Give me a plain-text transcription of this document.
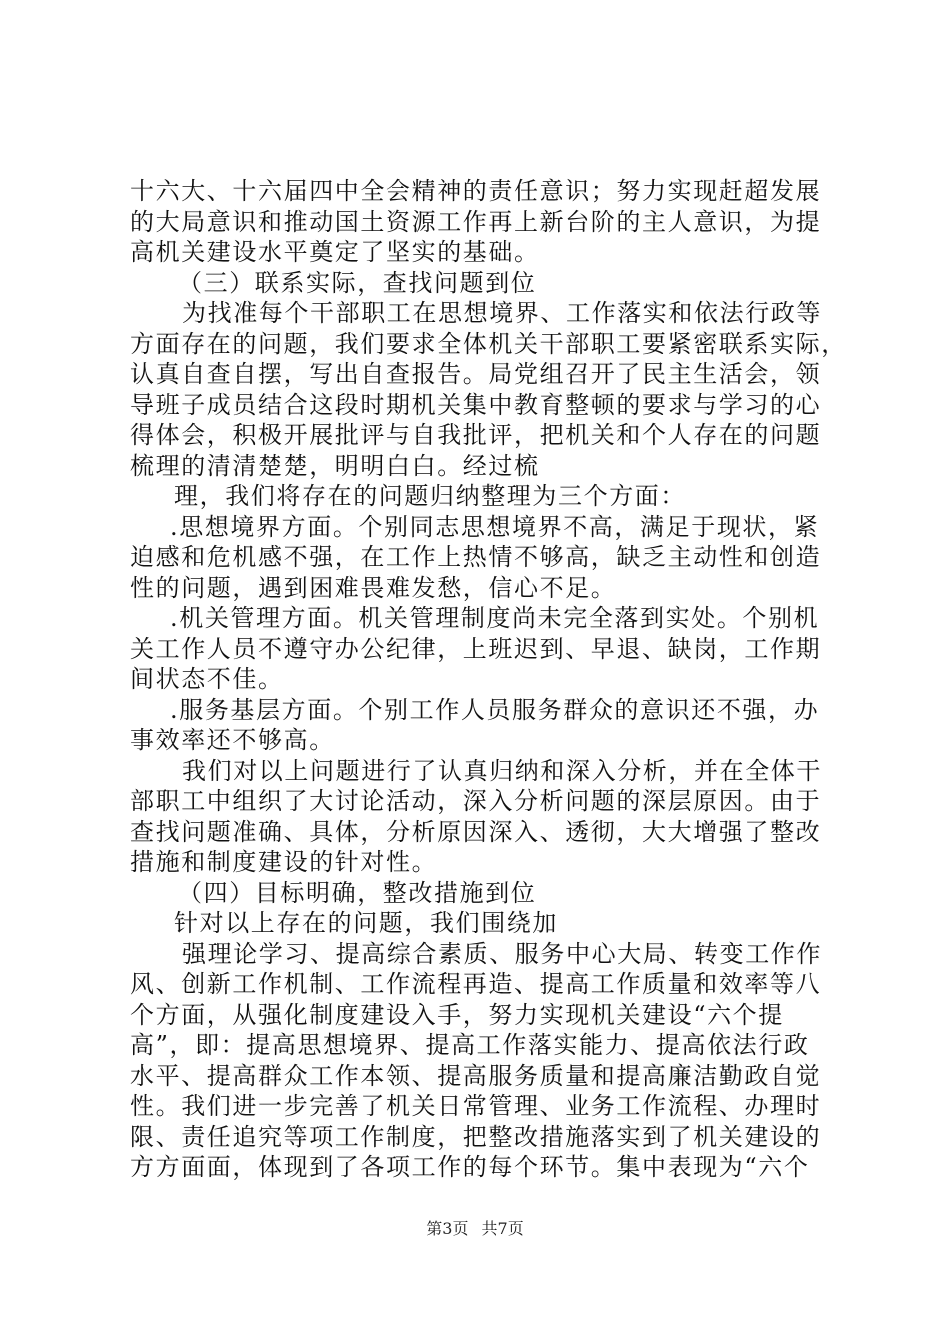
十六大、十六届四中全会精神的责任意识；努力实现赶超发展
的大局意识和推动国土资源工作再上新台阶的主人意识，为提
高机关建设水平奠定了坚实的基础。
（三）联系实际，查找问题到位
为找准每个干部职工在思想境界、工作落实和依法行政等
方面存在的问题，我们要求全体机关干部职工要紧密联系实际，
认真自查自摆，写出自查报告。局党组召开了民主生活会，领
导班子成员结合这段时期机关集中教育整顿的要求与学习的心
得体会，积极开展批评与自我批评，把机关和个人存在的问题
梳理的清清楚楚，明明白白。经过梳
理，我们将存在的问题归纳整理为三个方面：
.思想境界方面。个别同志思想境界不高，满足于现状，紧
迫感和危机感不强，在工作上热情不够高，缺乏主动性和创造
性的问题，遇到困难畏难发愁，信心不足。
.机关管理方面。机关管理制度尚未完全落到实处。个别机
关工作人员不遵守办公纪律，上班迟到、早退、缺岗，工作期
间状态不佳。
.服务基层方面。个别工作人员服务群众的意识还不强，办
事效率还不够高。
我们对以上问题进行了认真归纳和深入分析，并在全体干
部职工中组织了大讨论活动，深入分析问题的深层原因。由于
查找问题准确、具体，分析原因深入、透彻，大大增强了整改
措施和制度建设的针对性。
（四）目标明确，整改措施到位
针对以上存在的问题，我们围绕加
强理论学习、提高综合素质、服务中心大局、转变工作作
风、创新工作机制、工作流程再造、提高工作质量和效率等八
个方面，从强化制度建设入手，努力实现机关建设“六个提
高”，即：提高思想境界、提高工作落实能力、提高依法行政
水平、提高群众工作本领、提高服务质量和提高廉洁勤政自觉
性。我们进一步完善了机关日常管理、业务工作流程、办理时
限、责任追究等项工作制度，把整改措施落实到了机关建设的
方方面面，体现到了各项工作的每个环节。集中表现为“六个
第3页 共7页
